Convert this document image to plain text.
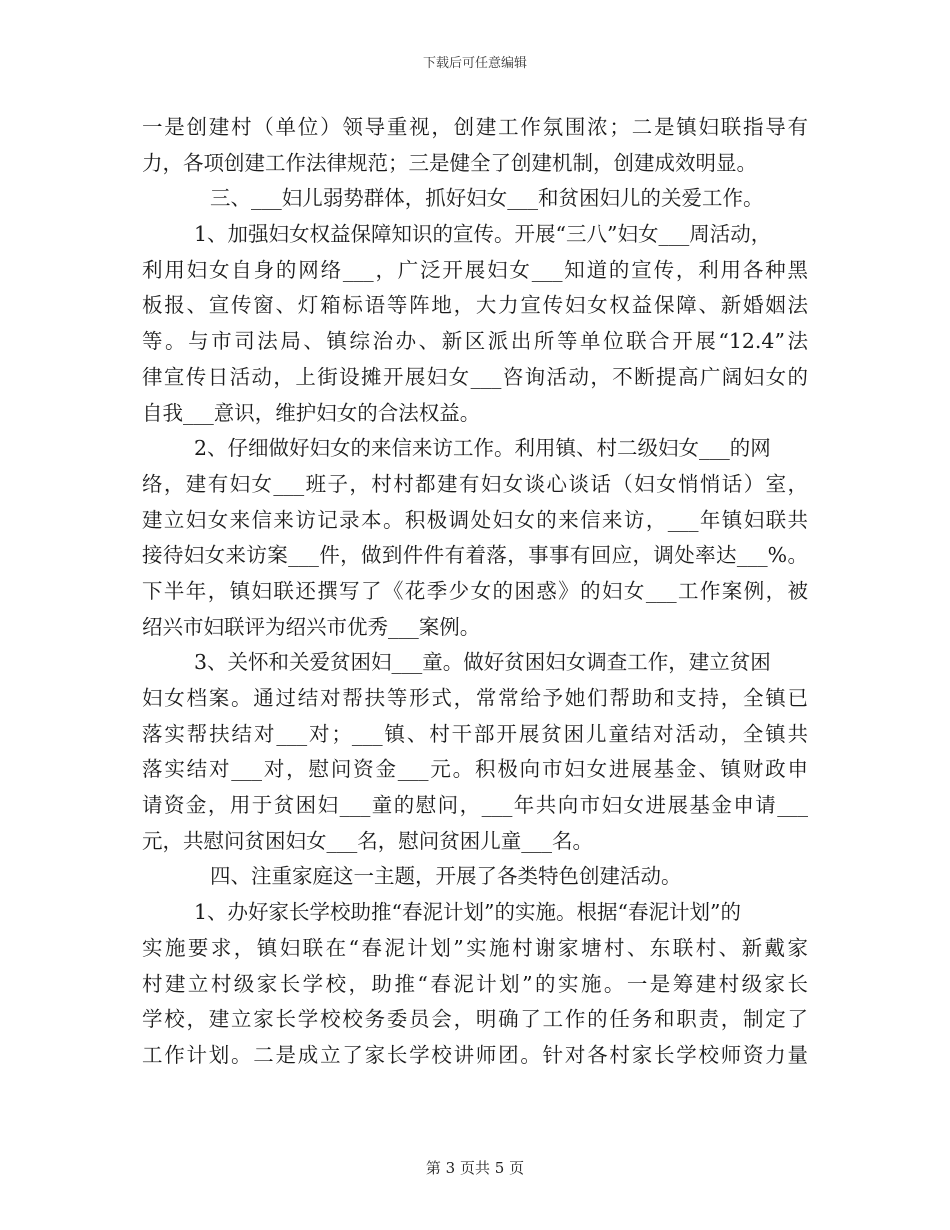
下载后可任意编辑
一是创建村（单位）领导重视，创建工作氛围浓；二是镇妇联指导有
力，各项创建工作法律规范；三是健全了创建机制，创建成效明显。
三、___妇儿弱势群体，抓好妇女___和贫困妇儿的关爱工作。
1、加强妇女权益保障知识的宣传。开展“三八”妇女___周活动，
利用妇女自身的网络___，广泛开展妇女___知道的宣传，利用各种黑
板报、宣传窗、灯箱标语等阵地，大力宣传妇女权益保障、新婚姻法
等。与市司法局、镇综治办、新区派出所等单位联合开展“12.4”法
律宣传日活动，上街设摊开展妇女___咨询活动，不断提高广阔妇女的
自我___意识，维护妇女的合法权益。
2、仔细做好妇女的来信来访工作。利用镇、村二级妇女___的网
络，建有妇女___班子，村村都建有妇女谈心谈话（妇女悄悄话）室，
建立妇女来信来访记录本。积极调处妇女的来信来访，___年镇妇联共
接待妇女来访案___件，做到件件有着落，事事有回应，调处率达___%。
下半年，镇妇联还撰写了《花季少女的困惑》的妇女___工作案例，被
绍兴市妇联评为绍兴市优秀___案例。
3、关怀和关爱贫困妇___童。做好贫困妇女调查工作，建立贫困
妇女档案。通过结对帮扶等形式，常常给予她们帮助和支持，全镇已
落实帮扶结对___对；___镇、村干部开展贫困儿童结对活动，全镇共
落实结对___对，慰问资金___元。积极向市妇女进展基金、镇财政申
请资金，用于贫困妇___童的慰问，___年共向市妇女进展基金申请___
元，共慰问贫困妇女___名，慰问贫困儿童___名。
四、注重家庭这一主题，开展了各类特色创建活动。
1、办好家长学校助推“春泥计划”的实施。根据“春泥计划”的
实施要求，镇妇联在“春泥计划”实施村谢家塘村、东联村、新戴家
村建立村级家长学校，助推“春泥计划”的实施。一是筹建村级家长
学校，建立家长学校校务委员会，明确了工作的任务和职责，制定了
工作计划。二是成立了家长学校讲师团。针对各村家长学校师资力量
第 3 页共 5 页
